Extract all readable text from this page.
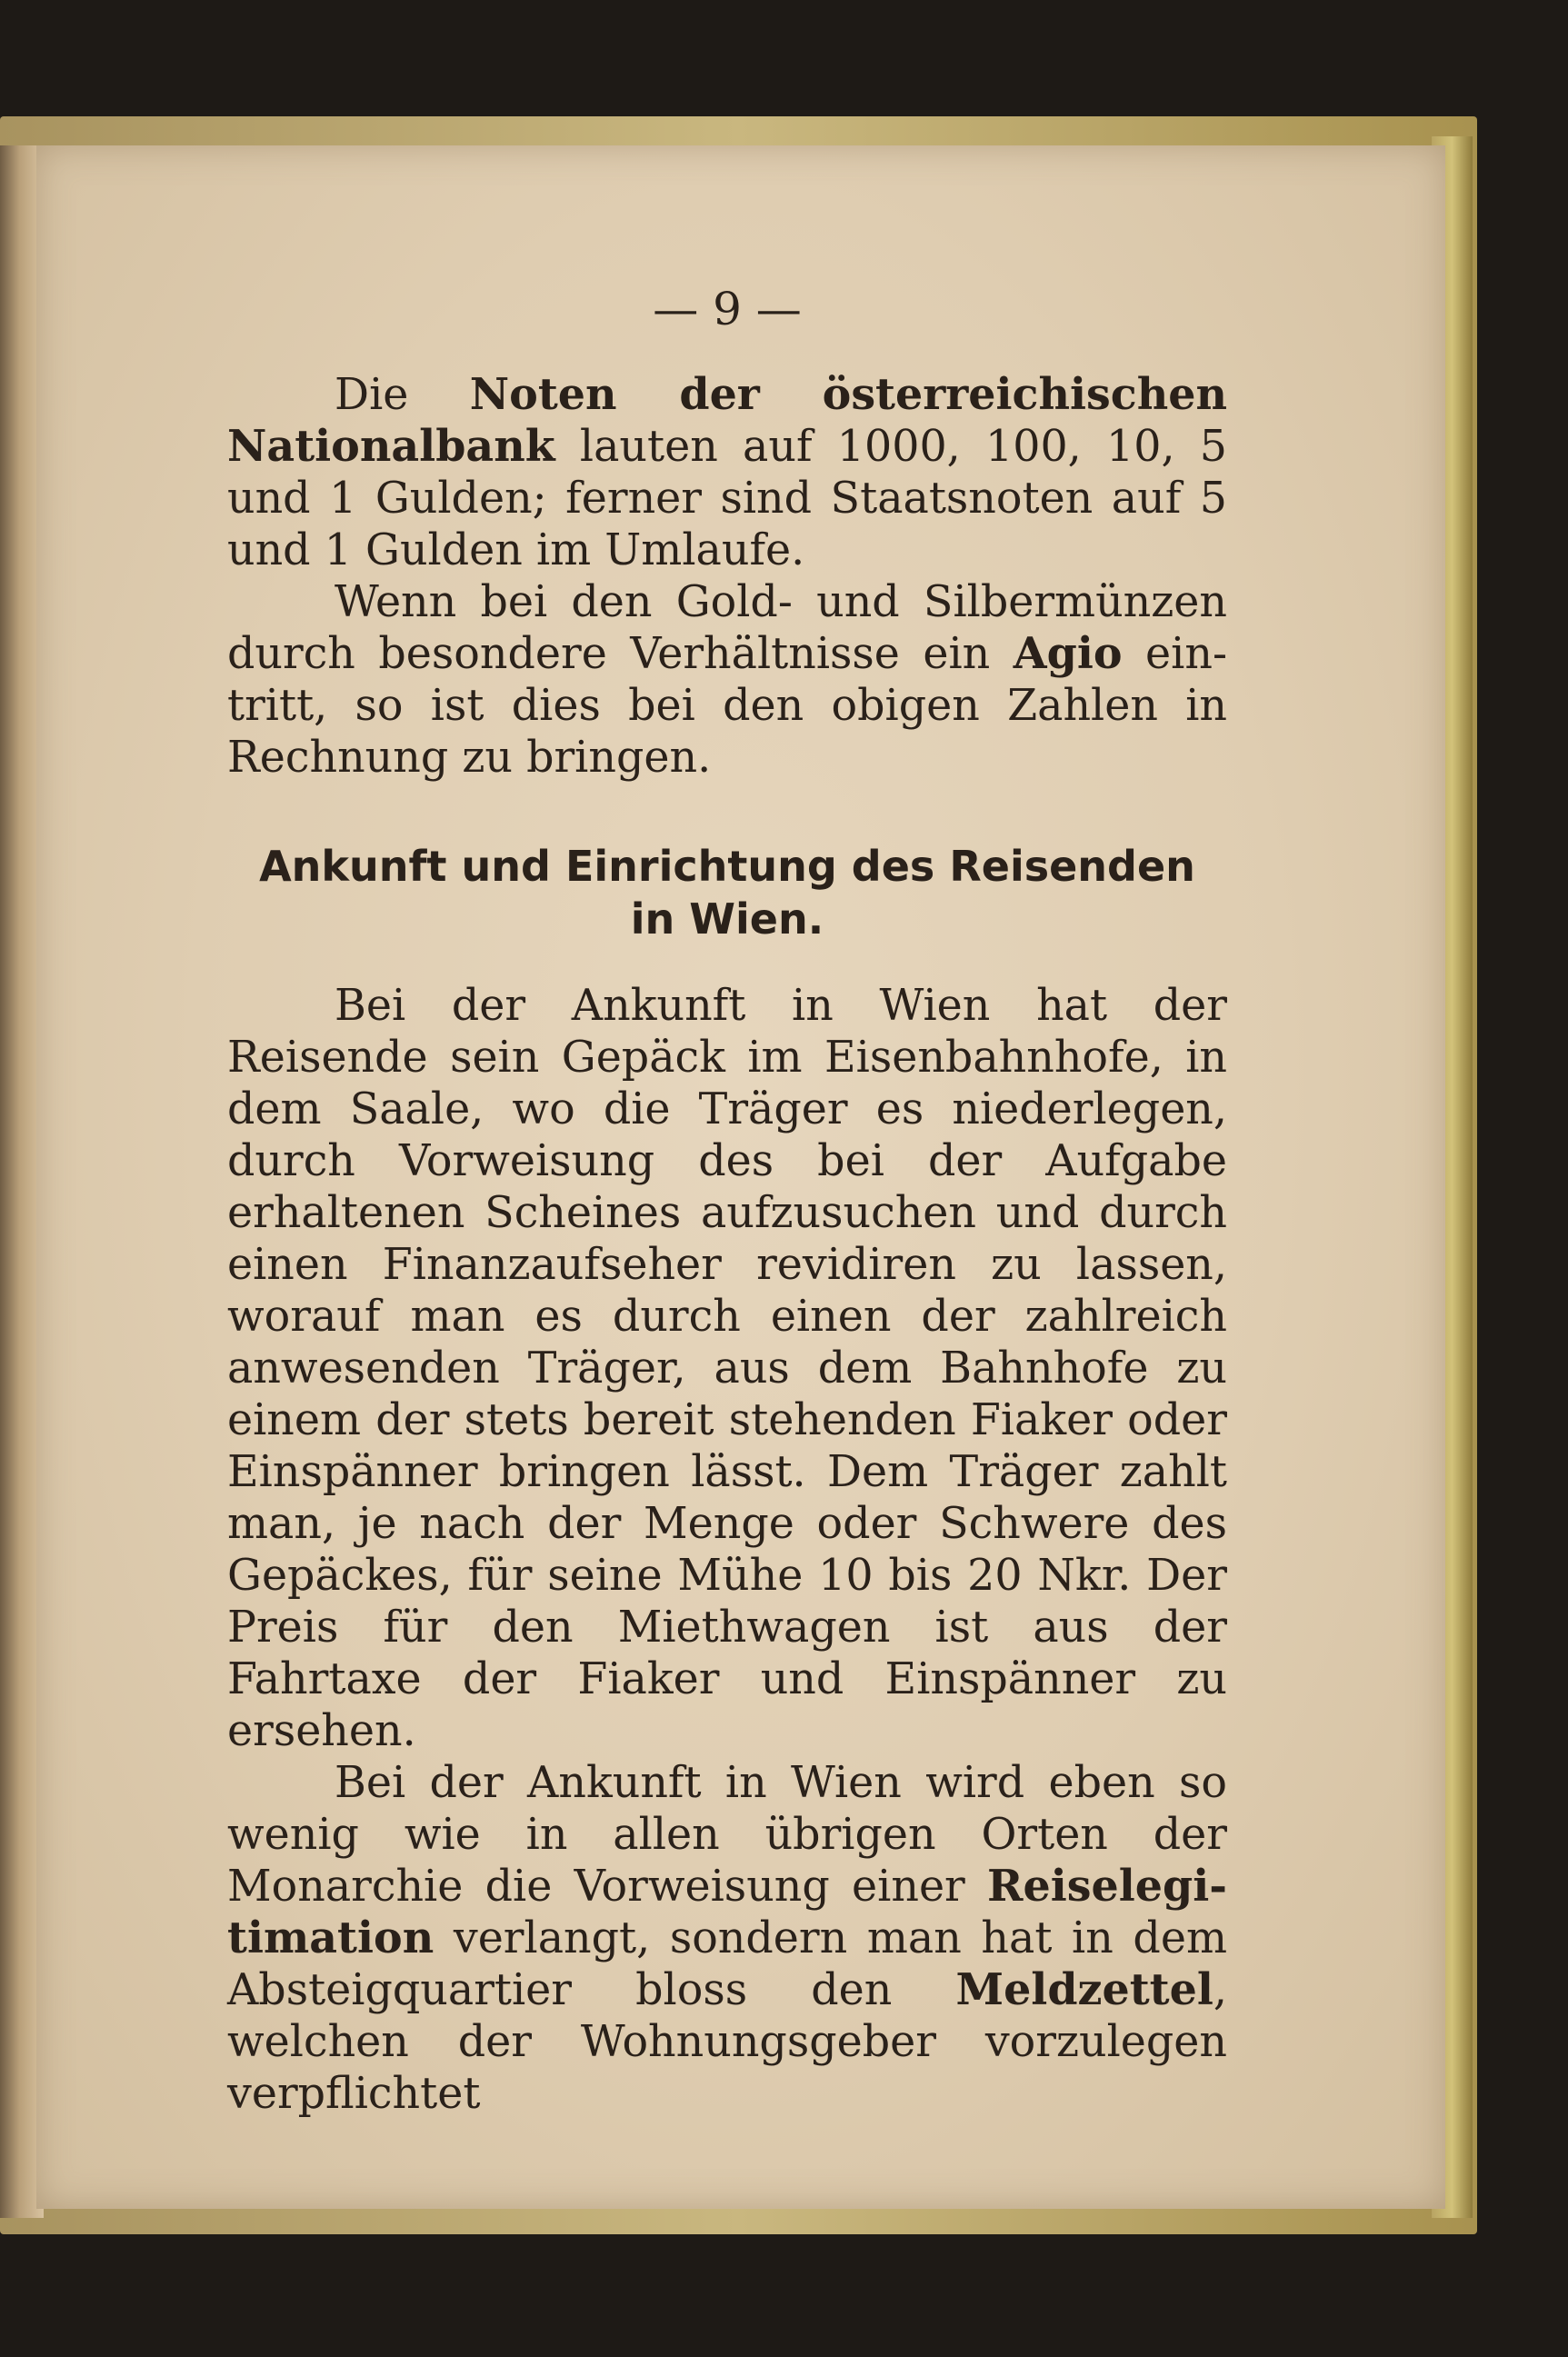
— 9 —

Die Noten der österreichischen Nationalbank lauten auf 1000, 100, 10, 5 und 1 Gulden; ferner sind Staatsnoten auf 5 und 1 Gulden im Umlaufe.

Wenn bei den Gold- und Silbermünzen durch besondere Verhältnisse ein Agio eintritt, so ist dies bei den obigen Zahlen in Rechnung zu bringen.

Ankunft und Einrichtung des Reisenden
in Wien.

Bei der Ankunft in Wien hat der Reisende sein Gepäck im Eisenbahnhofe, in dem Saale, wo die Träger es niederlegen, durch Vorweisung des bei der Aufgabe erhaltenen Scheines aufzusuchen und durch einen Finanzaufseher revidiren zu lassen, worauf man es durch einen der zahlreich anwesenden Träger, aus dem Bahnhofe zu einem der stets bereit stehenden Fiaker oder Einspänner bringen lässt. Dem Träger zahlt man, je nach der Menge oder Schwere des Gepäckes, für seine Mühe 10 bis 20 Nkr. Der Preis für den Miethwagen ist aus der Fahrtaxe der Fiaker und Einspänner zu ersehen.

Bei der Ankunft in Wien wird eben so wenig wie in allen übrigen Orten der Monarchie die Vorweisung einer Reiselegitimation verlangt, sondern man hat in dem Absteigquartier bloss den Meldzettel, welchen der Wohnungsgeber vorzulegen verpflichtet
